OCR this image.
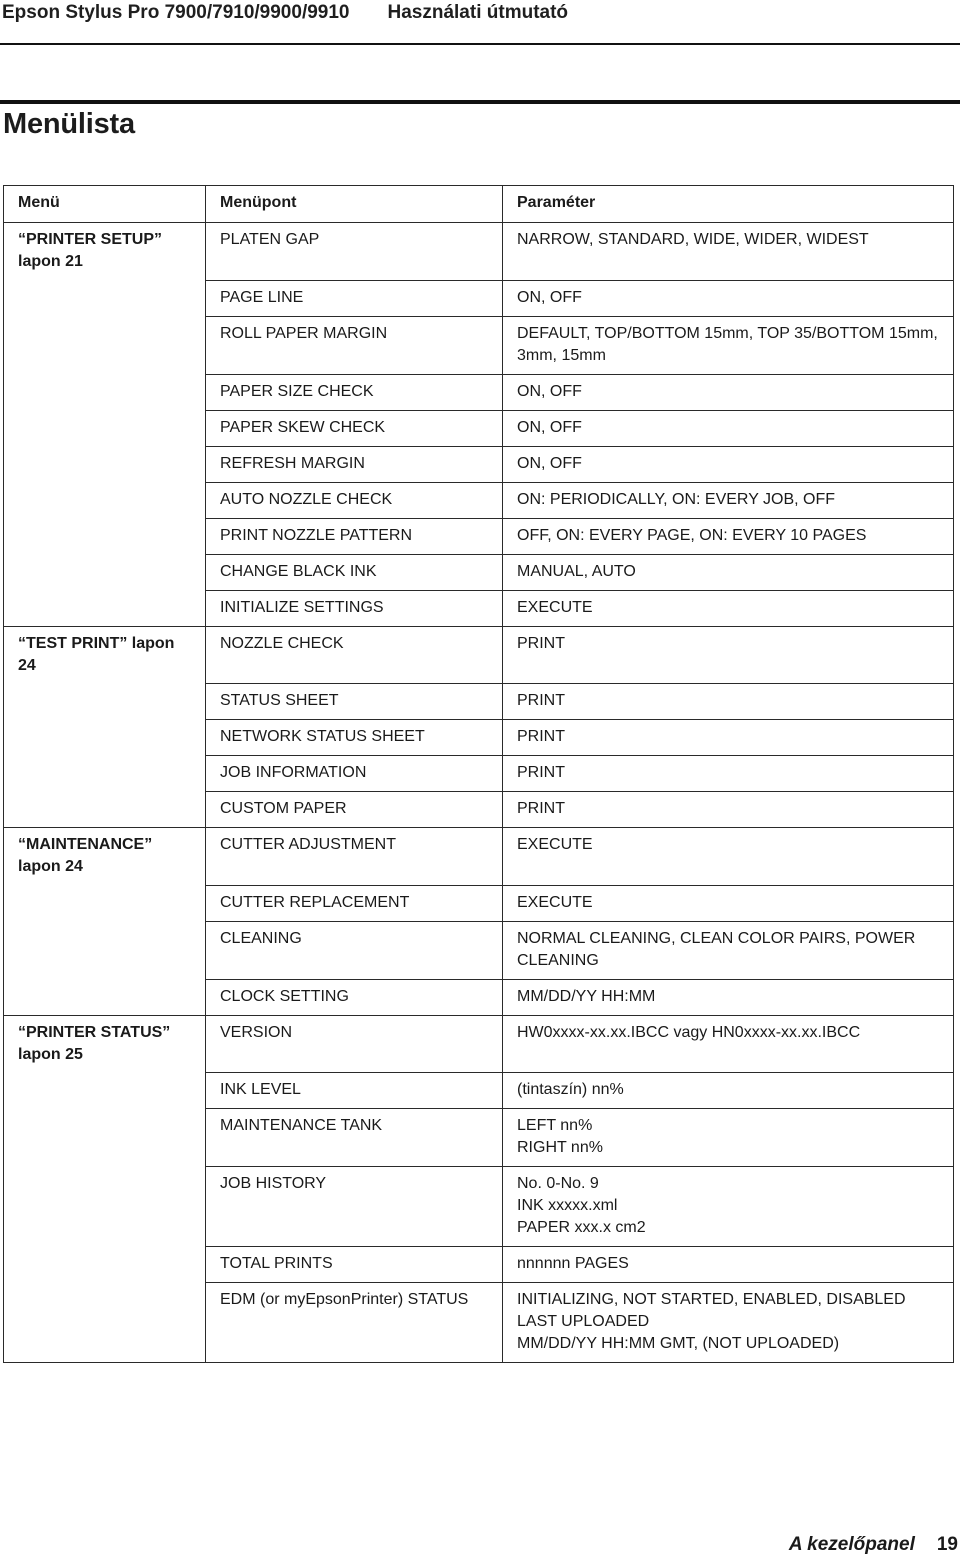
Epson Stylus Pro 7900/7910/9900/9910 Használati útmutató
Menülista
Menü	Menüpont	Paraméter
“PRINTER SETUP”
lapon 21	PLATEN GAP	NARROW, STANDARD, WIDE, WIDER, WIDEST
	PAGE LINE	ON, OFF
	ROLL PAPER MARGIN	DEFAULT, TOP/BOTTOM 15mm, TOP 35/BOTTOM 15mm, 3mm, 15mm
	PAPER SIZE CHECK	ON, OFF
	PAPER SKEW CHECK	ON, OFF
	REFRESH MARGIN	ON, OFF
	AUTO NOZZLE CHECK	ON: PERIODICALLY, ON: EVERY JOB, OFF
	PRINT NOZZLE PATTERN	OFF, ON: EVERY PAGE, ON: EVERY 10 PAGES
	CHANGE BLACK INK	MANUAL, AUTO
	INITIALIZE SETTINGS	EXECUTE
“TEST PRINT” lapon 24	NOZZLE CHECK	PRINT
	STATUS SHEET	PRINT
	NETWORK STATUS SHEET	PRINT
	JOB INFORMATION	PRINT
	CUSTOM PAPER	PRINT
“MAINTENANCE”
lapon 24	CUTTER ADJUSTMENT	EXECUTE
	CUTTER REPLACEMENT	EXECUTE
	CLEANING	NORMAL CLEANING, CLEAN COLOR PAIRS, POWER CLEANING
	CLOCK SETTING	MM/DD/YY HH:MM
“PRINTER STATUS”
lapon 25	VERSION	HW0xxxx-xx.xx.IBCC vagy HN0xxxx-xx.xx.IBCC
	INK LEVEL	(tintaszín) nn%
	MAINTENANCE TANK	LEFT nn%
RIGHT nn%
	JOB HISTORY	No. 0-No. 9
INK xxxxx.xml
PAPER xxx.x cm2
	TOTAL PRINTS	nnnnnn PAGES
	EDM (or myEpsonPrinter) STATUS	INITIALIZING, NOT STARTED, ENABLED, DISABLED
LAST UPLOADED
MM/DD/YY HH:MM GMT, (NOT UPLOADED)
A kezelőpanel 19
